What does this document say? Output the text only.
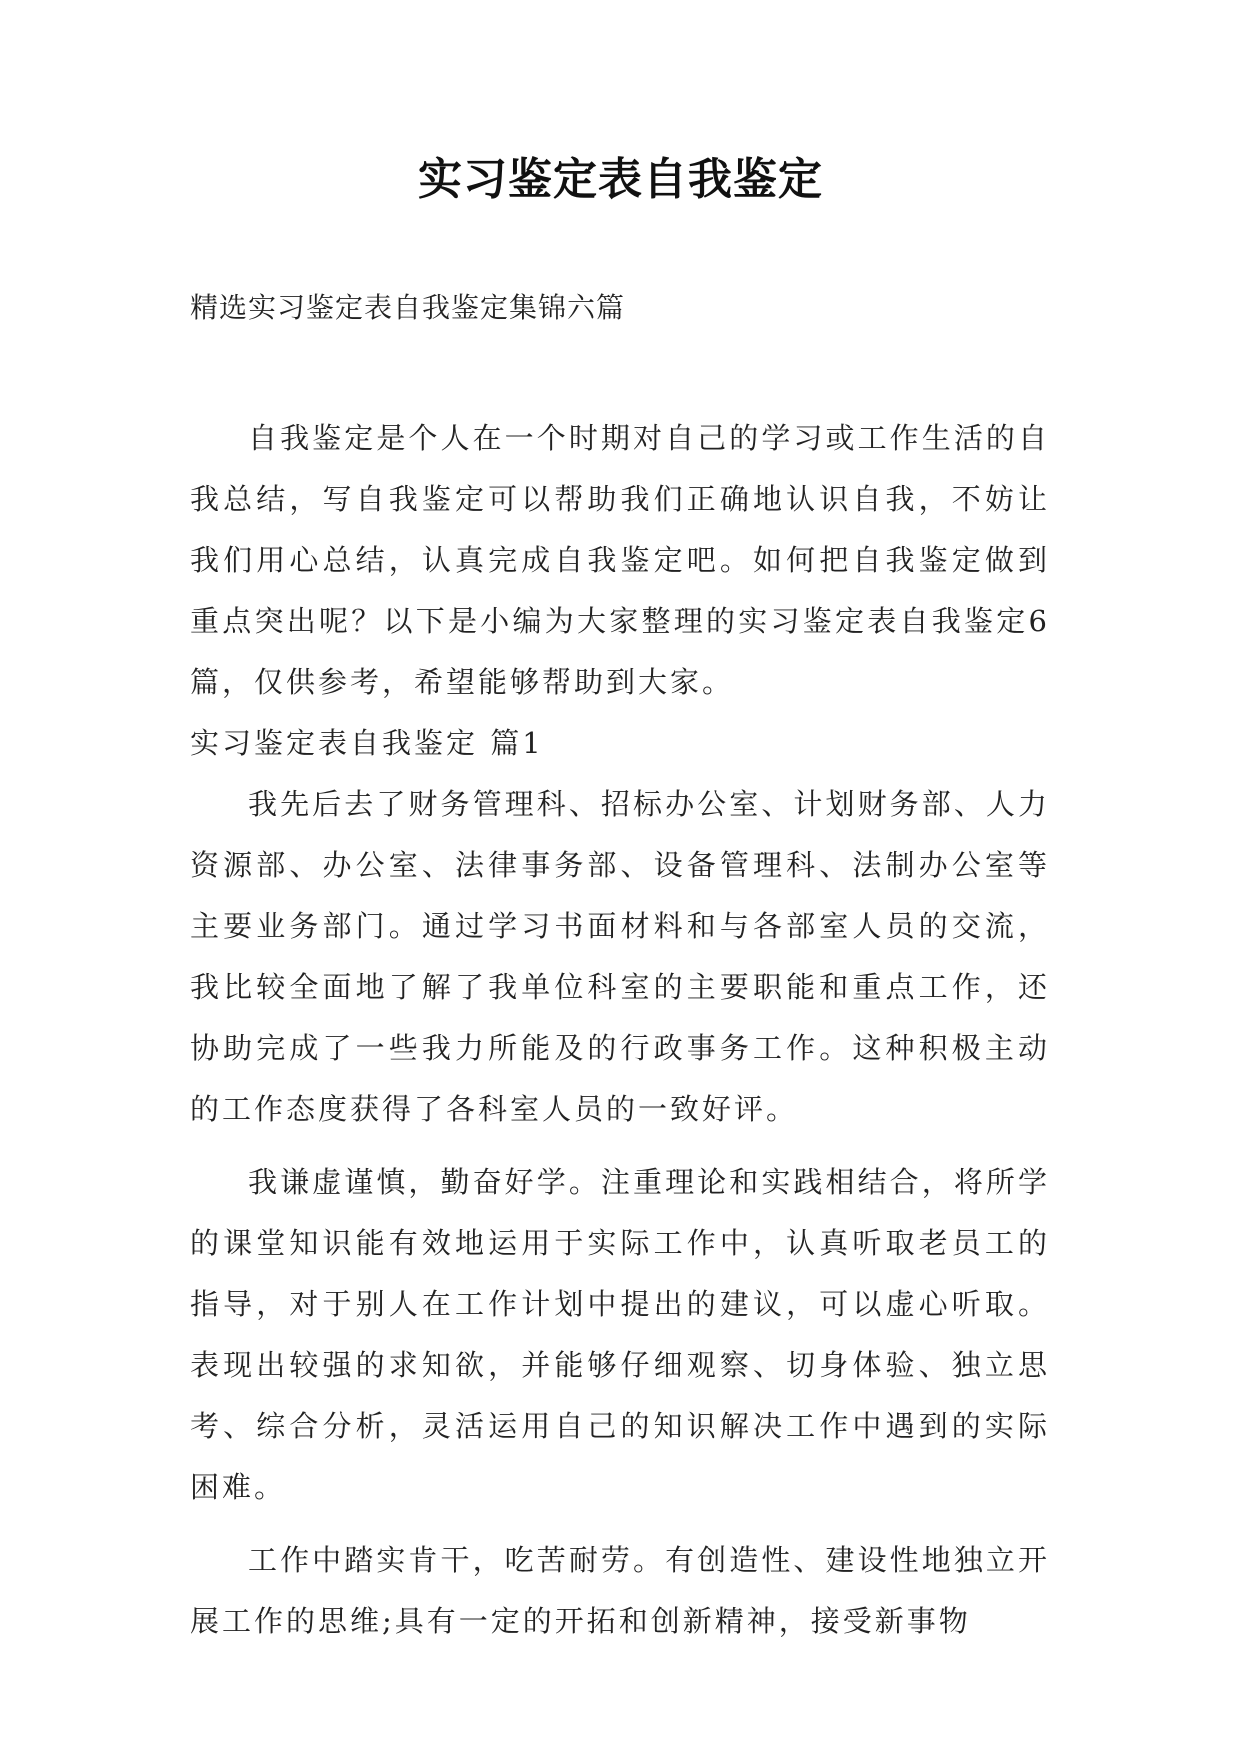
实习鉴定表自我鉴定
精选实习鉴定表自我鉴定集锦六篇

自我鉴定是个人在一个时期对自己的学习或工作生活的自我总结，写自我鉴定可以帮助我们正确地认识自我，不妨让我们用心总结，认真完成自我鉴定吧。如何把自我鉴定做到重点突出呢？以下是小编为大家整理的实习鉴定表自我鉴定6篇，仅供参考，希望能够帮助到大家。

实习鉴定表自我鉴定 篇1

我先后去了财务管理科、招标办公室、计划财务部、人力资源部、办公室、法律事务部、设备管理科、法制办公室等主要业务部门。通过学习书面材料和与各部室人员的交流，我比较全面地了解了我单位科室的主要职能和重点工作，还协助完成了一些我力所能及的行政事务工作。这种积极主动的工作态度获得了各科室人员的一致好评。

我谦虚谨慎，勤奋好学。注重理论和实践相结合，将所学的课堂知识能有效地运用于实际工作中，认真听取老员工的指导，对于别人在工作计划中提出的建议，可以虚心听取。表现出较强的求知欲，并能够仔细观察、切身体验、独立思考、综合分析，灵活运用自己的知识解决工作中遇到的实际困难。

工作中踏实肯干，吃苦耐劳。有创造性、建设性地独立开展工作的思维;具有一定的开拓和创新精神，接受新事物
